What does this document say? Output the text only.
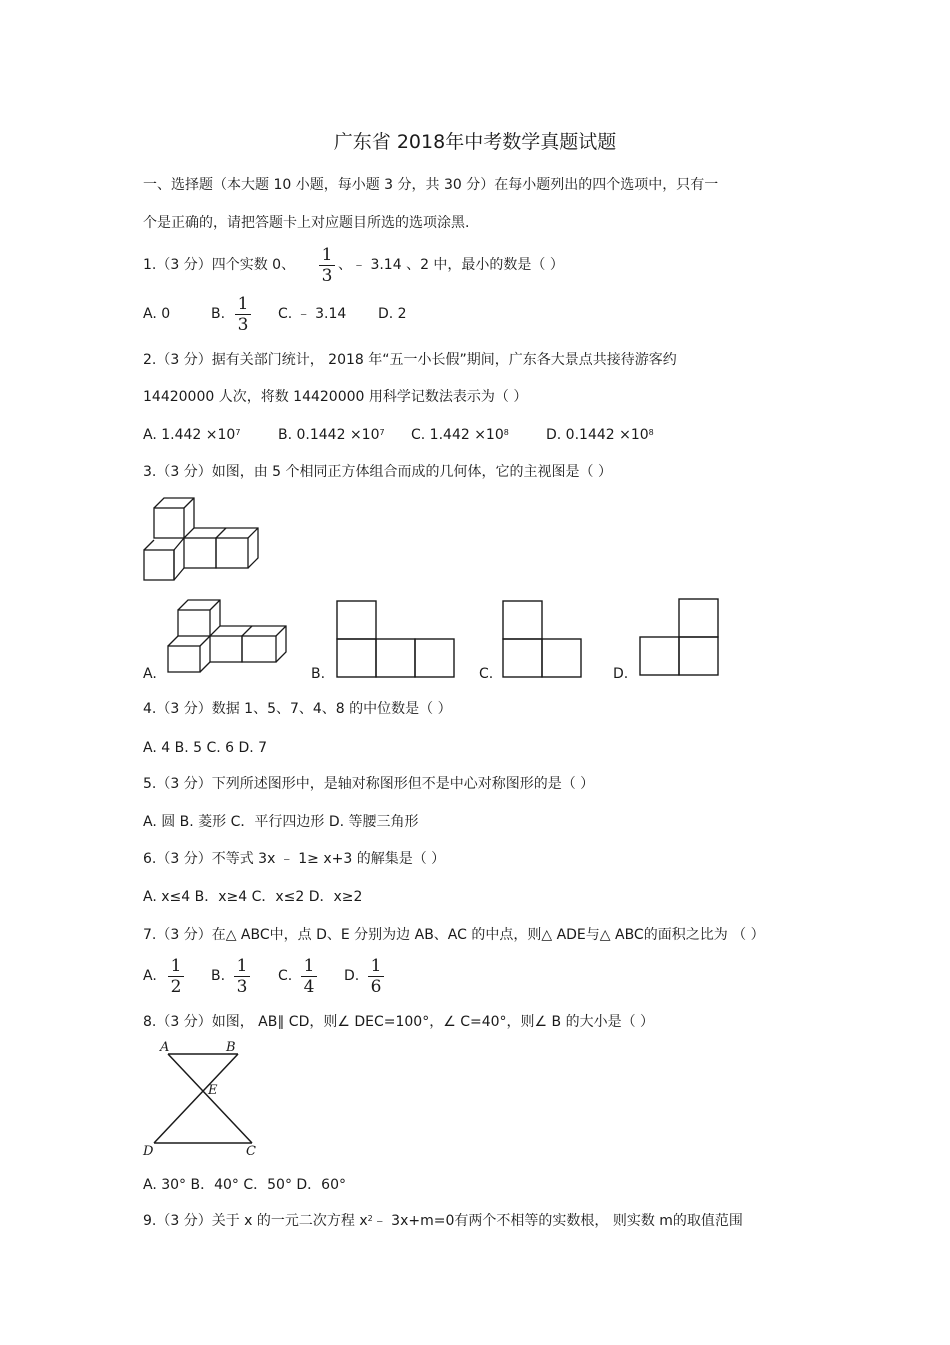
广东省 2018年中考数学真题试题
一、选择题（本大题 10 小题，每小题 3 分，共 30 分）在每小题列出的四个选项中，只有一
个是正确的，请把答题卡上对应题目所选的选项涂黑.
1.（3 分）四个实数 0、 1
3
、﹣ 3.14 、2 中，最小的数是（ ）
A. 0	B. 1
3
C. ﹣ 3.14 D. 2
2.（3 分）据有关部门统计， 2018 年“五一小长假”期间，广东各大景点共接待游客约
14420000 人次，将数 14420000 用科学记数法表示为（ ）
A. $1.442 \times 10^7$	B. $0.1442 \times 10^7$ C. $1.442 \times 10^8$	D. $0.1442 \times 10^8$
3.（3 分）如图，由 5 个相同正方体组合而成的几何体，它的主视图是（ ）
A.	B.	C.	D.
4.（3 分）数据 1、5、7、4、8 的中位数是（ ）
A. 4 B. 5 C. 6 D. 7
5.（3 分）下列所述图形中，是轴对称图形但不是中心对称图形的是（ ）
A. 圆 B. 菱形 C．平行四边形 D. 等腰三角形
6.（3 分）不等式 3x ﹣ 1≥ x+3 的解集是（ ）
A. x≤4 B．x≥4 C．x≤2 D．x≥2
7.（3 分）在△ ABC中，点 D、E 分别为边 AB、AC 的中点，则△ ADE与△ ABC的面积之比为 （ ）
A. 1
2
B. 1
3
C. 1
4
D. 1
6
8.（3 分）如图， AB∥ CD，则∠ DEC=100°，∠ C=40°，则∠ B 的大小是（ ）
A	B
E
D	C
A. 30° B．40° C．50° D．60°
9.（3 分）关于 x 的一元二次方程 $x^2﹣$ 3x+m=0有两个不相等的实数根， 则实数 m的取值范围
